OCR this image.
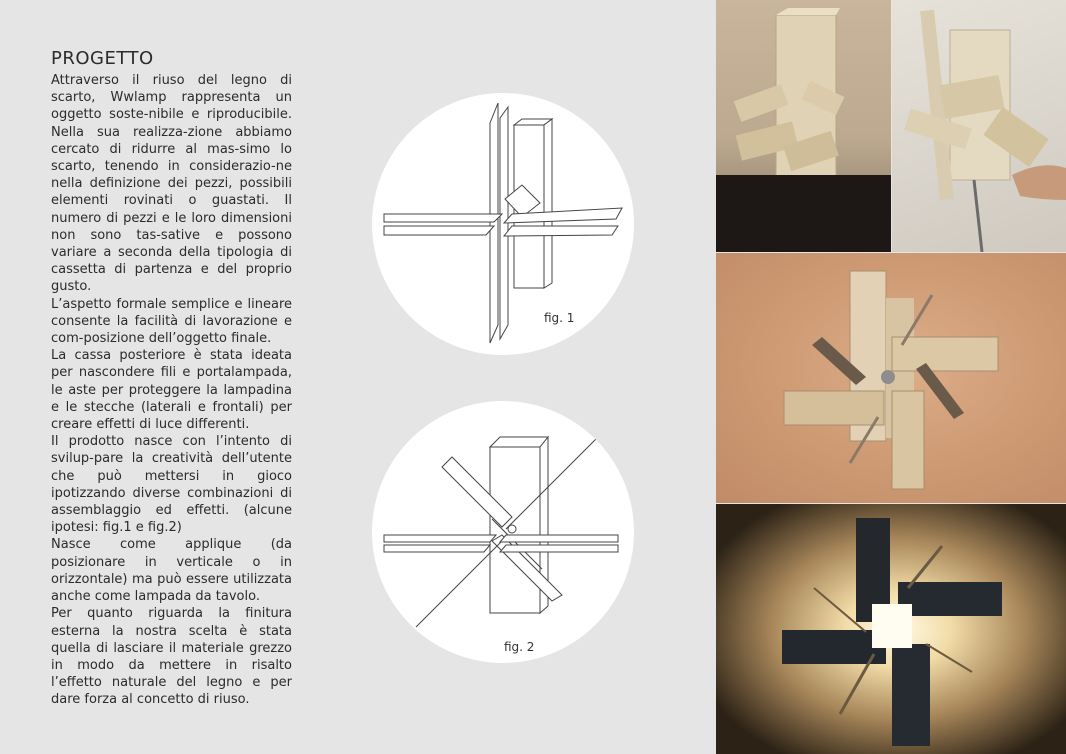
PROGETTO

Attraverso il riuso del legno di scarto, Wwlamp rappresenta un oggetto soste-nibile e riproducibile. Nella sua realizza-zione abbiamo cercato di ridurre al mas-simo lo scarto, tenendo in considerazio-ne nella definizione dei pezzi, possibili elementi rovinati o guastati. Il numero di pezzi e le loro dimensioni non sono tas-sative e possono variare a seconda della tipologia di cassetta di partenza e del proprio gusto.

L’aspetto formale semplice e lineare consente la facilità di lavorazione e com-posizione dell’oggetto finale.

La cassa posteriore è stata ideata per nascondere fili e portalampada, le aste per proteggere la lampadina e le stecche (laterali e frontali) per creare effetti di luce differenti.

Il prodotto nasce con l’intento di svilup-pare la creatività dell’utente che può mettersi in gioco ipotizzando diverse combinazioni di assemblaggio ed effetti. (alcune ipotesi: fig.1 e fig.2)

Nasce come applique (da posizionare in verticale o in orizzontale) ma può essere utilizzata anche come lampada da tavolo.

Per quanto riguarda la finitura esterna la nostra scelta è stata quella di lasciare il materiale grezzo in modo da mettere in risalto l’effetto naturale del legno e per dare forza al concetto di riuso.

fig. 1
fig. 2
